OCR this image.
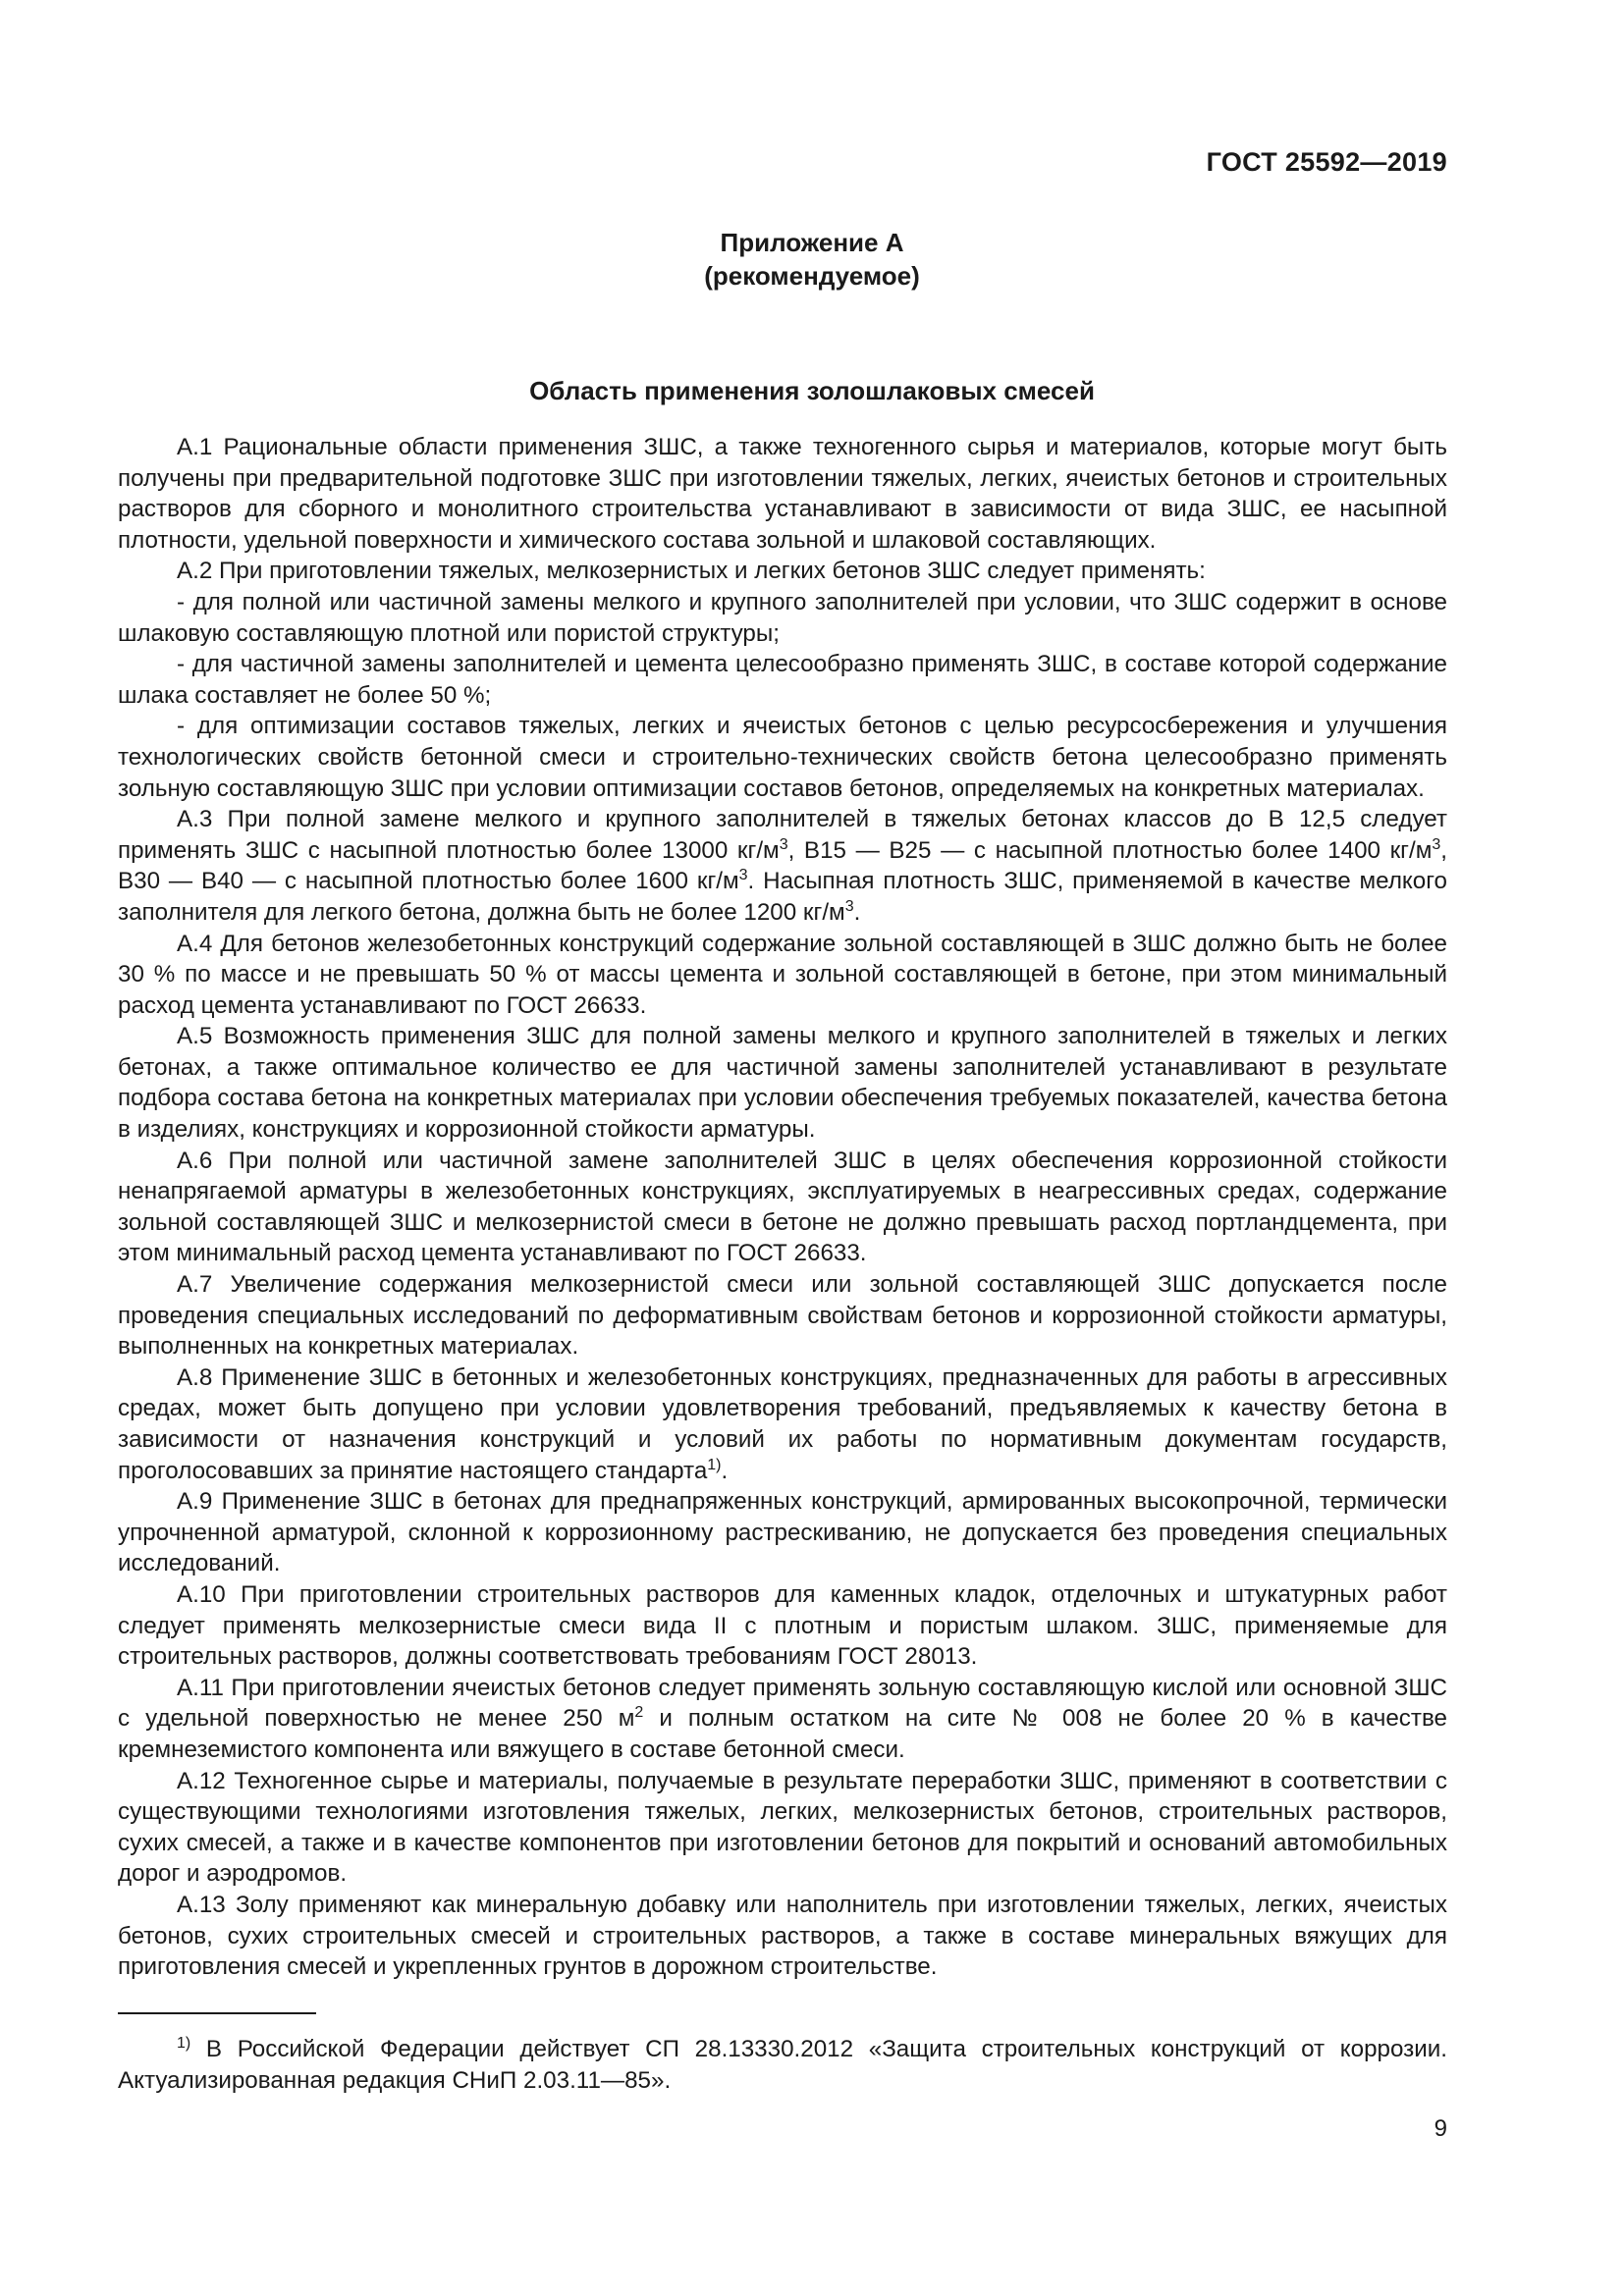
ГОСТ 25592—2019
Приложение А
(рекомендуемое)
Область применения золошлаковых смесей

А.1 Рациональные области применения ЗШС, а также техногенного сырья и материалов, которые могут быть получены при предварительной подготовке ЗШС при изготовлении тяжелых, легких, ячеистых бетонов и строительных растворов для сборного и монолитного строительства устанавливают в зависимости от вида ЗШС, ее насыпной плотности, удельной поверхности и химического состава зольной и шлаковой составляющих.

А.2 При приготовлении тяжелых, мелкозернистых и легких бетонов ЗШС следует применять:

- для полной или частичной замены мелкого и крупного заполнителей при условии, что ЗШС содержит в основе шлаковую составляющую плотной или пористой структуры;

- для частичной замены заполнителей и цемента целесообразно применять ЗШС, в составе которой содержание шлака составляет не более 50 %;

- для оптимизации составов тяжелых, легких и ячеистых бетонов с целью ресурсосбережения и улучшения технологических свойств бетонной смеси и строительно-технических свойств бетона целесообразно применять зольную составляющую ЗШС при условии оптимизации составов бетонов, определяемых на конкретных материалах.

А.3 При полной замене мелкого и крупного заполнителей в тяжелых бетонах классов до В 12,5 следует применять ЗШС с насыпной плотностью более 13000 $кг/м^3$, В15 — В25 — с насыпной плотностью более 1400 $кг/м^3$, В30 — В40 — с насыпной плотностью более 1600 $кг/м^3$. Насыпная плотность ЗШС, применяемой в качестве мелкого заполнителя для легкого бетона, должна быть не более 1200 $кг/м^3$.

А.4 Для бетонов железобетонных конструкций содержание зольной составляющей в ЗШС должно быть не более 30 % по массе и не превышать 50 % от массы цемента и зольной составляющей в бетоне, при этом минимальный расход цемента устанавливают по ГОСТ 26633.

А.5 Возможность применения ЗШС для полной замены мелкого и крупного заполнителей в тяжелых и легких бетонах, а также оптимальное количество ее для частичной замены заполнителей устанавливают в результате подбора состава бетона на конкретных материалах при условии обеспечения требуемых показателей, качества бетона в изделиях, конструкциях и коррозионной стойкости арматуры.

А.6 При полной или частичной замене заполнителей ЗШС в целях обеспечения коррозионной стойкости ненапрягаемой арматуры в железобетонных конструкциях, эксплуатируемых в неагрессивных средах, содержание зольной составляющей ЗШС и мелкозернистой смеси в бетоне не должно превышать расход портландцемента, при этом минимальный расход цемента устанавливают по ГОСТ 26633.

А.7 Увеличение содержания мелкозернистой смеси или зольной составляющей ЗШС допускается после проведения специальных исследований по деформативным свойствам бетонов и коррозионной стойкости арматуры, выполненных на конкретных материалах.

А.8 Применение ЗШС в бетонных и железобетонных конструкциях, предназначенных для работы в агрессивных средах, может быть допущено при условии удовлетворения требований, предъявляемых к качеству бетона в зависимости от назначения конструкций и условий их работы по нормативным документам государств, проголосовавших за принятие настоящего стандарта$^{1)}$.

А.9 Применение ЗШС в бетонах для преднапряженных конструкций, армированных высокопрочной, термически упрочненной арматурой, склонной к коррозионному растрескиванию, не допускается без проведения специальных исследований.

А.10 При приготовлении строительных растворов для каменных кладок, отделочных и штукатурных работ следует применять мелкозернистые смеси вида II с плотным и пористым шлаком. ЗШС, применяемые для строительных растворов, должны соответствовать требованиям ГОСТ 28013.

А.11 При приготовлении ячеистых бетонов следует применять зольную составляющую кислой или основной ЗШС с удельной поверхностью не менее 250 $м^2$ и полным остатком на сите № 008 не более 20 % в качестве кремнеземистого компонента или вяжущего в составе бетонной смеси.

А.12 Техногенное сырье и материалы, получаемые в результате переработки ЗШС, применяют в соответствии с существующими технологиями изготовления тяжелых, легких, мелкозернистых бетонов, строительных растворов, сухих смесей, а также и в качестве компонентов при изготовлении бетонов для покрытий и оснований автомобильных дорог и аэродромов.

А.13 Золу применяют как минеральную добавку или наполнитель при изготовлении тяжелых, легких, ячеистых бетонов, сухих строительных смесей и строительных растворов, а также в составе минеральных вяжущих для приготовления смесей и укрепленных грунтов в дорожном строительстве.

$^{1)}$ В Российской Федерации действует СП 28.13330.2012 «Защита строительных конструкций от коррозии. Актуализированная редакция СНиП 2.03.11—85».

9
